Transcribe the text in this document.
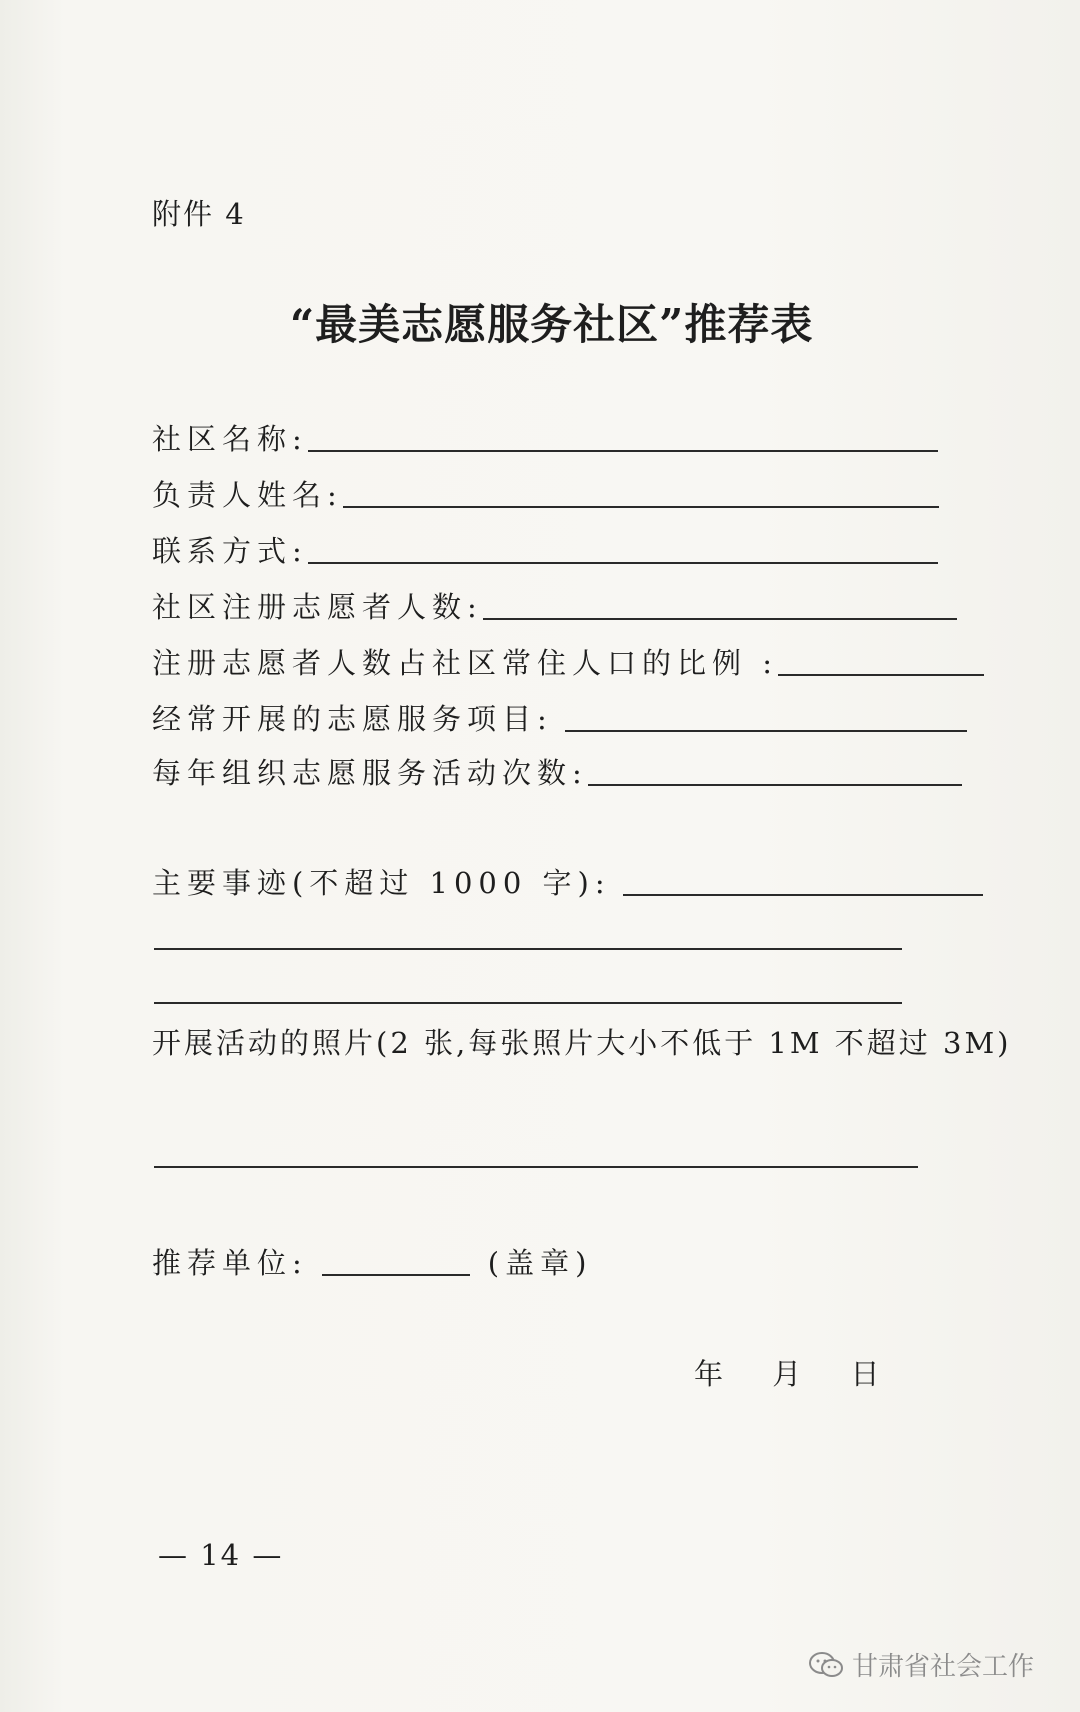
附件 4
“最美志愿服务社区”推荐表
社区名称:
负责人姓名:
联系方式:
社区注册志愿者人数:
注册志愿者人数占社区常住人口的比例 :
经常开展的志愿服务项目:
每年组织志愿服务活动次数:
主要事迹(不超过 1000 字):
开展活动的照片(2 张,每张照片大小不低于 1M 不超过 3M)
推荐单位:	(盖章)
年 月 日
— 14 —
甘肃省社会工作
